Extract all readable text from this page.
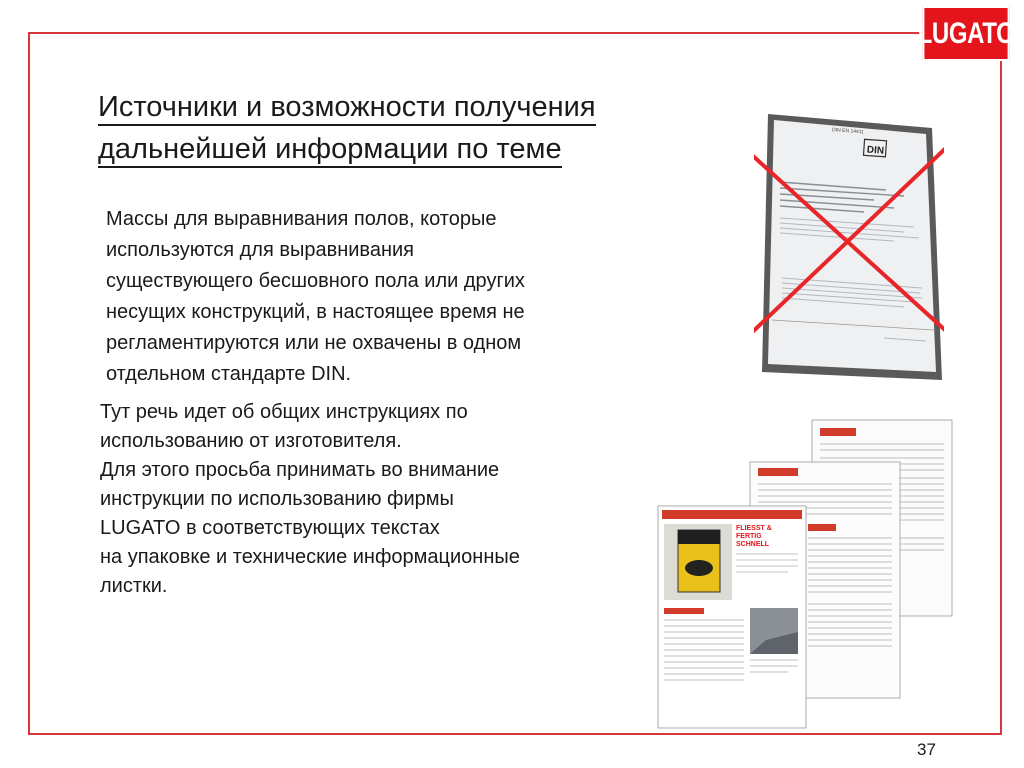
LUGATO
Источники и возможности получения
дальнейшей информации по теме
Массы для выравнивания полов, которые
используются для выравнивания
существующего бесшовного пола или других
несущих конструкций, в настоящее время не
регламентируются или не охвачены в одном
отдельном стандарте DIN.
Тут речь идет об общих инструкциях по
использованию от изготовителя.
Для этого просьба принимать во внимание
инструкции по использованию фирмы
LUGATO в соответствующих текстах
на упаковке и технические информационные
листки.
DIN
DIN EN 14411
FLIESST &
FERTIG
SCHNELL
37
